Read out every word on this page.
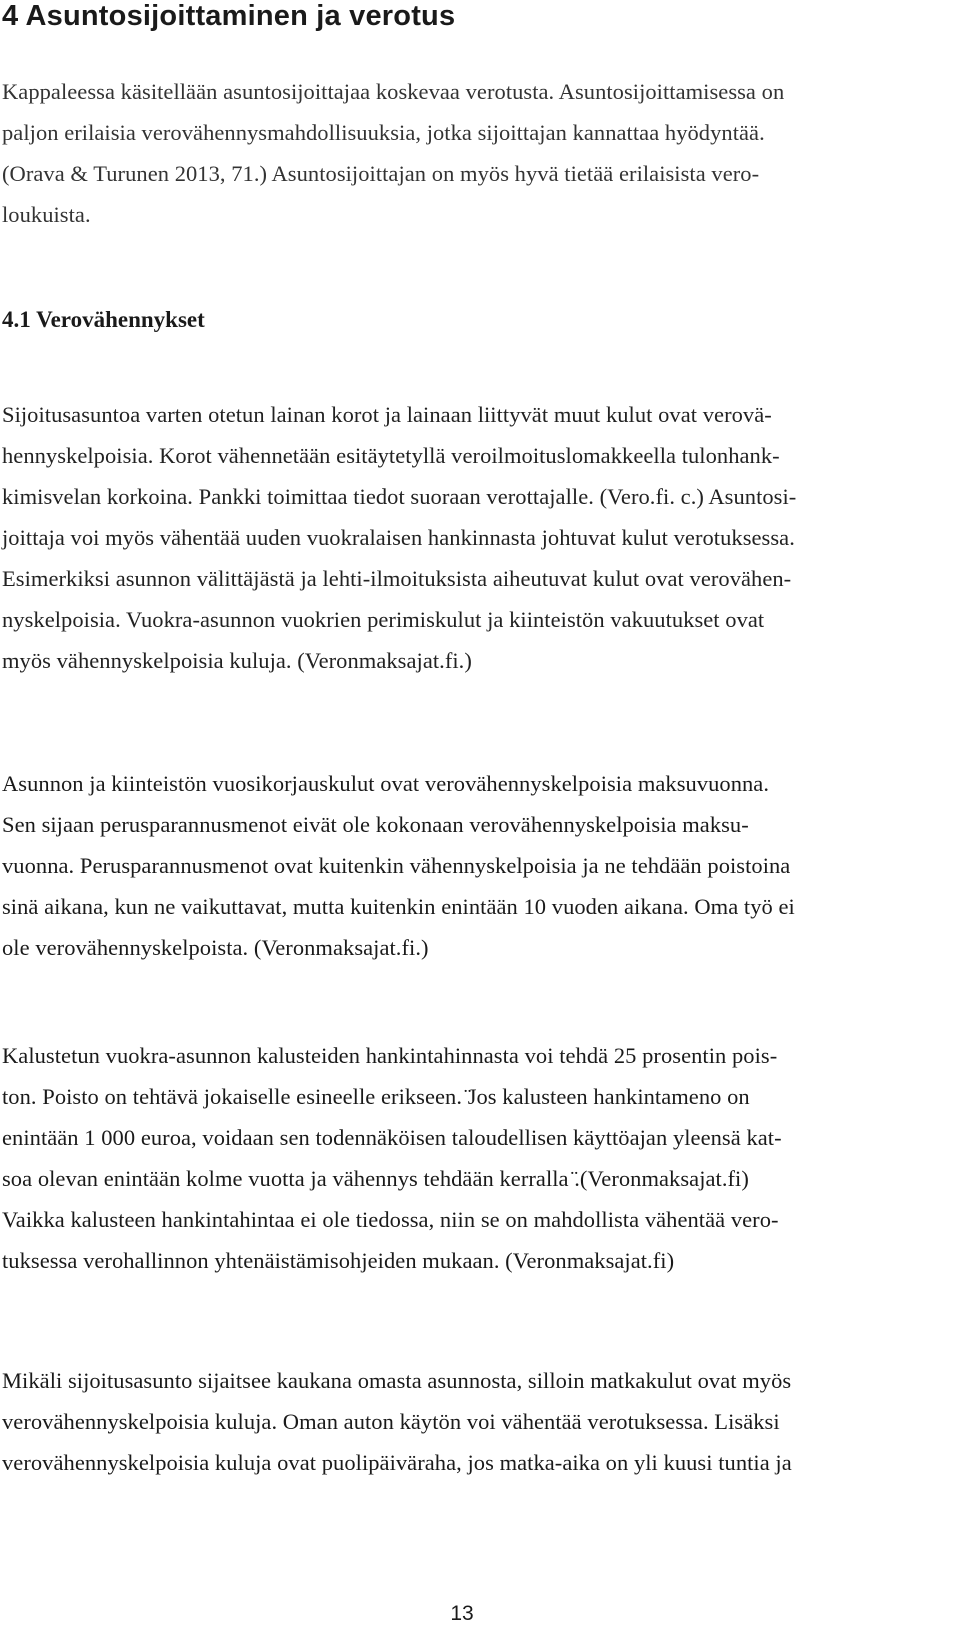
4 Asuntosijoittaminen ja verotus
Kappaleessa käsitellään asuntosijoittajaa koskevaa verotusta. Asuntosijoittamisessa on
paljon erilaisia verovähennysmahdollisuuksia, jotka sijoittajan kannattaa hyödyntää.
(Orava & Turunen 2013, 71.) Asuntosijoittajan on myös hyvä tietää erilaisista vero-
loukuista.
4.1 Verovähennykset
Sijoitusasuntoa varten otetun lainan korot ja lainaan liittyvät muut kulut ovat verovä-
hennyskelpoisia. Korot vähennetään esitäytetyllä veroilmoituslomakkeella tulonhank-
kimisvelan korkoina. Pankki toimittaa tiedot suoraan verottajalle. (Vero.fi. c.) Asuntosi-
joittaja voi myös vähentää uuden vuokralaisen hankinnasta johtuvat kulut verotuksessa.
Esimerkiksi asunnon välittäjästä ja lehti-ilmoituksista aiheutuvat kulut ovat verovähen-
nyskelpoisia. Vuokra-asunnon vuokrien perimiskulut ja kiinteistön vakuutukset ovat
myös vähennyskelpoisia kuluja. (Veronmaksajat.fi.)
Asunnon ja kiinteistön vuosikorjauskulut ovat verovähennyskelpoisia maksuvuonna.
Sen sijaan perusparannusmenot eivät ole kokonaan verovähennyskelpoisia maksu-
vuonna. Perusparannusmenot ovat kuitenkin vähennyskelpoisia ja ne tehdään poistoina
sinä aikana, kun ne vaikuttavat, mutta kuitenkin enintään 10 vuoden aikana. Oma työ ei
ole verovähennyskelpoista. (Veronmaksajat.fi.)
Kalustetun vuokra-asunnon kalusteiden hankintahinnasta voi tehdä 25 prosentin pois-
ton. Poisto on tehtävä jokaiselle esineelle erikseen. ̈Jos kalusteen hankintameno on
enintään 1 000 euroa, voidaan sen todennäköisen taloudellisen käyttöajan yleensä kat-
soa olevan enintään kolme vuotta ja vähennys tehdään kerralla ̈.(Veronmaksajat.fi)
Vaikka kalusteen hankintahintaa ei ole tiedossa, niin se on mahdollista vähentää vero-
tuksessa verohallinnon yhtenäistämisohjeiden mukaan. (Veronmaksajat.fi)
Mikäli sijoitusasunto sijaitsee kaukana omasta asunnosta, silloin matkakulut ovat myös
verovähennyskelpoisia kuluja. Oman auton käytön voi vähentää verotuksessa. Lisäksi
verovähennyskelpoisia kuluja ovat puolipäiväraha, jos matka-aika on yli kuusi tuntia ja

13
